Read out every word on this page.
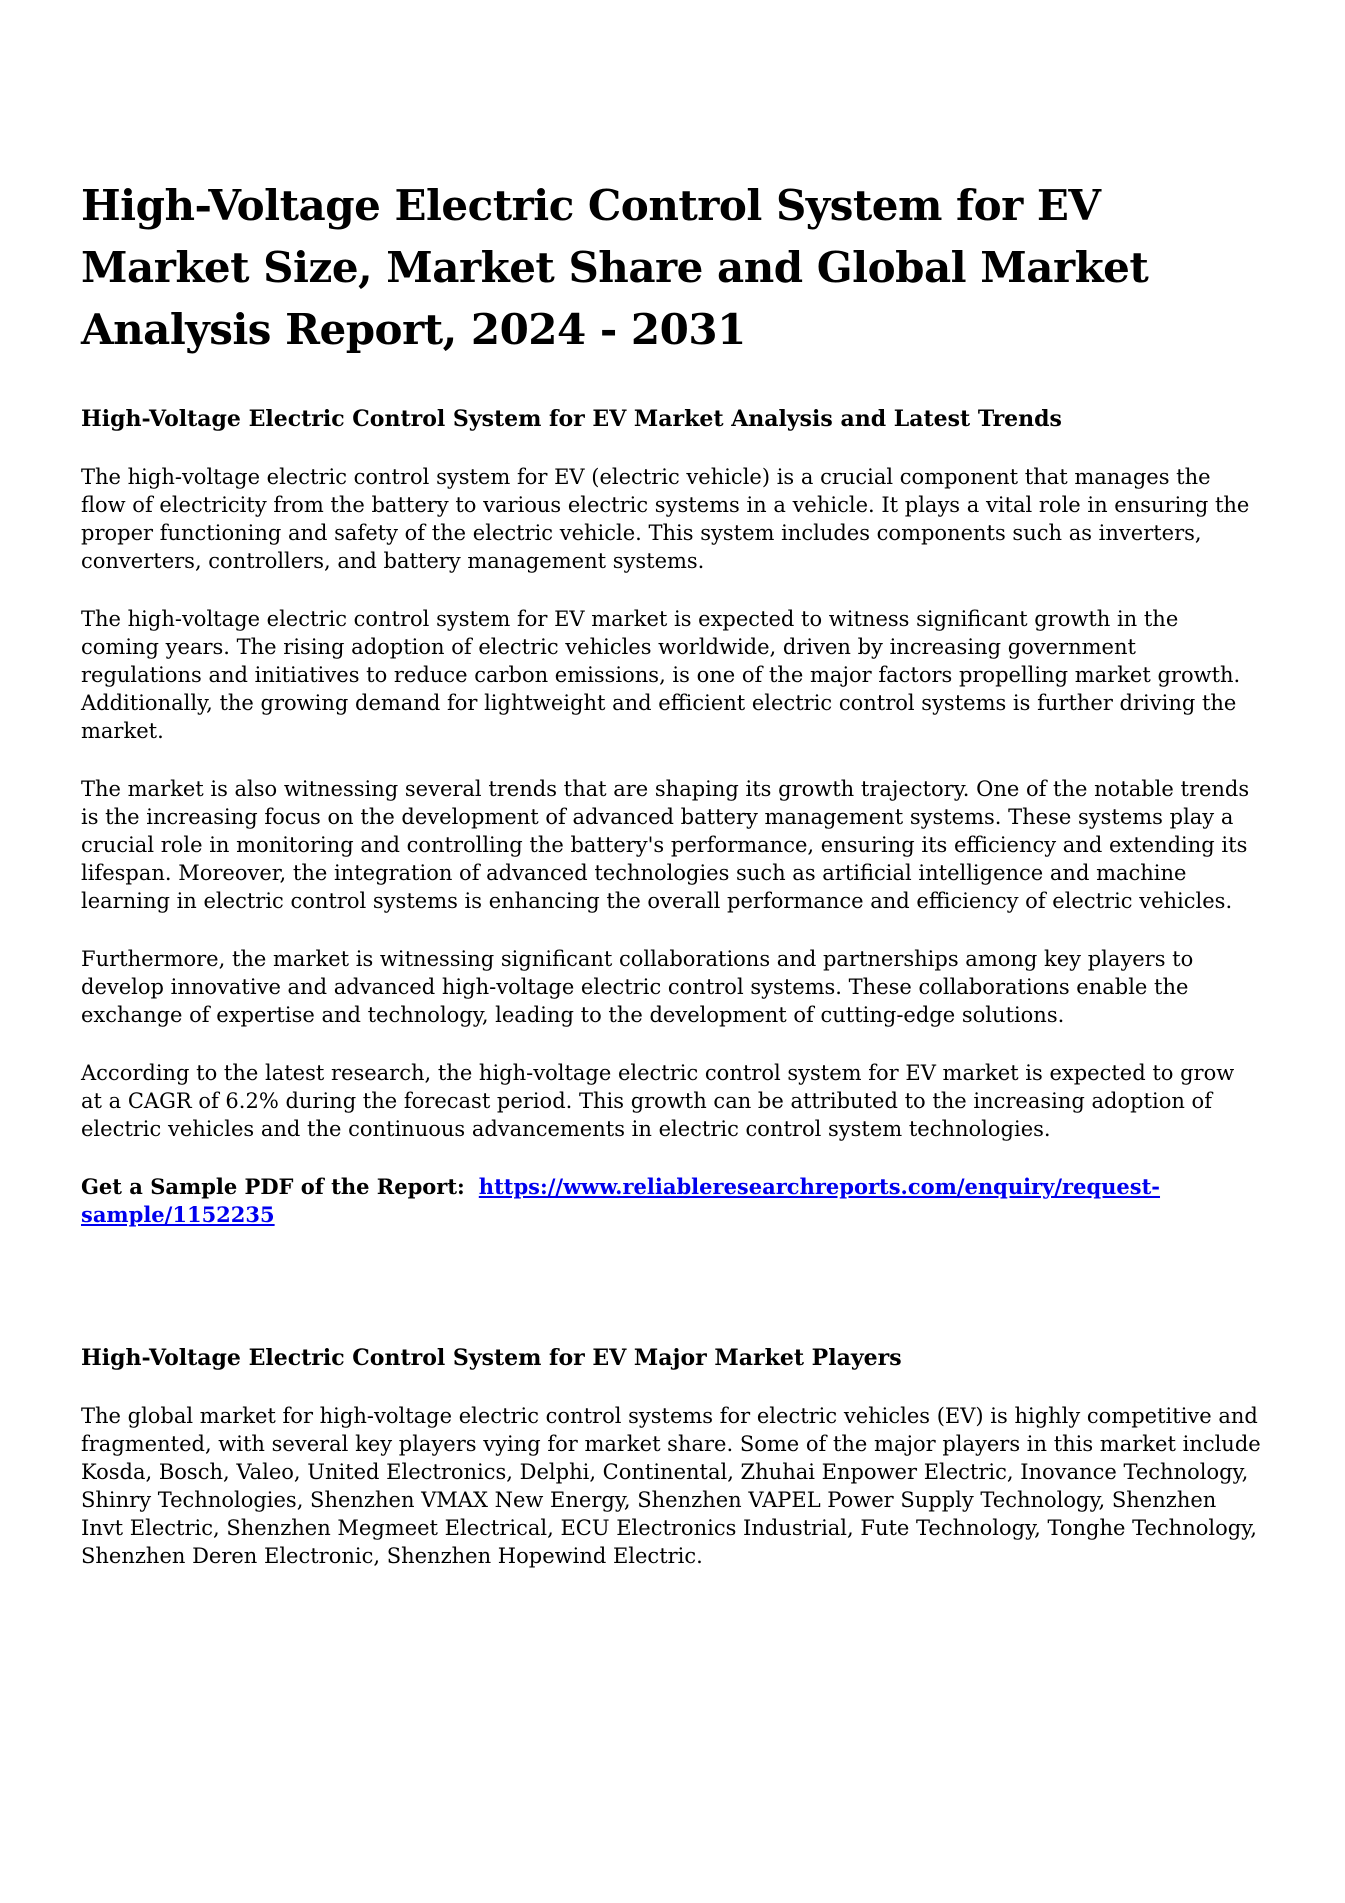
High-Voltage Electric Control System for EV Market Size, Market Share and Global Market Analysis Report, 2024 - 2031
High-Voltage Electric Control System for EV Market Analysis and Latest Trends

The high-voltage electric control system for EV (electric vehicle) is a crucial component that manages the flow of electricity from the battery to various electric systems in a vehicle. It plays a vital role in ensuring the proper functioning and safety of the electric vehicle. This system includes components such as inverters, converters, controllers, and battery management systems.

The high-voltage electric control system for EV market is expected to witness significant growth in the coming years. The rising adoption of electric vehicles worldwide, driven by increasing government regulations and initiatives to reduce carbon emissions, is one of the major factors propelling market growth. Additionally, the growing demand for lightweight and efficient electric control systems is further driving the market.

The market is also witnessing several trends that are shaping its growth trajectory. One of the notable trends is the increasing focus on the development of advanced battery management systems. These systems play a crucial role in monitoring and controlling the battery's performance, ensuring its efficiency and extending its lifespan. Moreover, the integration of advanced technologies such as artificial intelligence and machine learning in electric control systems is enhancing the overall performance and efficiency of electric vehicles.

Furthermore, the market is witnessing significant collaborations and partnerships among key players to develop innovative and advanced high-voltage electric control systems. These collaborations enable the exchange of expertise and technology, leading to the development of cutting-edge solutions.

According to the latest research, the high-voltage electric control system for EV market is expected to grow at a CAGR of 6.2% during the forecast period. This growth can be attributed to the increasing adoption of electric vehicles and the continuous advancements in electric control system technologies.

Get a Sample PDF of the Report: https://www.reliableresearchreports.com/enquiry/request-sample/1152235

High-Voltage Electric Control System for EV Major Market Players

The global market for high-voltage electric control systems for electric vehicles (EV) is highly competitive and fragmented, with several key players vying for market share. Some of the major players in this market include Kosda, Bosch, Valeo, United Electronics, Delphi, Continental, Zhuhai Enpower Electric, Inovance Technology, Shinry Technologies, Shenzhen VMAX New Energy, Shenzhen VAPEL Power Supply Technology, Shenzhen Invt Electric, Shenzhen Megmeet Electrical, ECU Electronics Industrial, Fute Technology, Tonghe Technology, Shenzhen Deren Electronic, Shenzhen Hopewind Electric.
